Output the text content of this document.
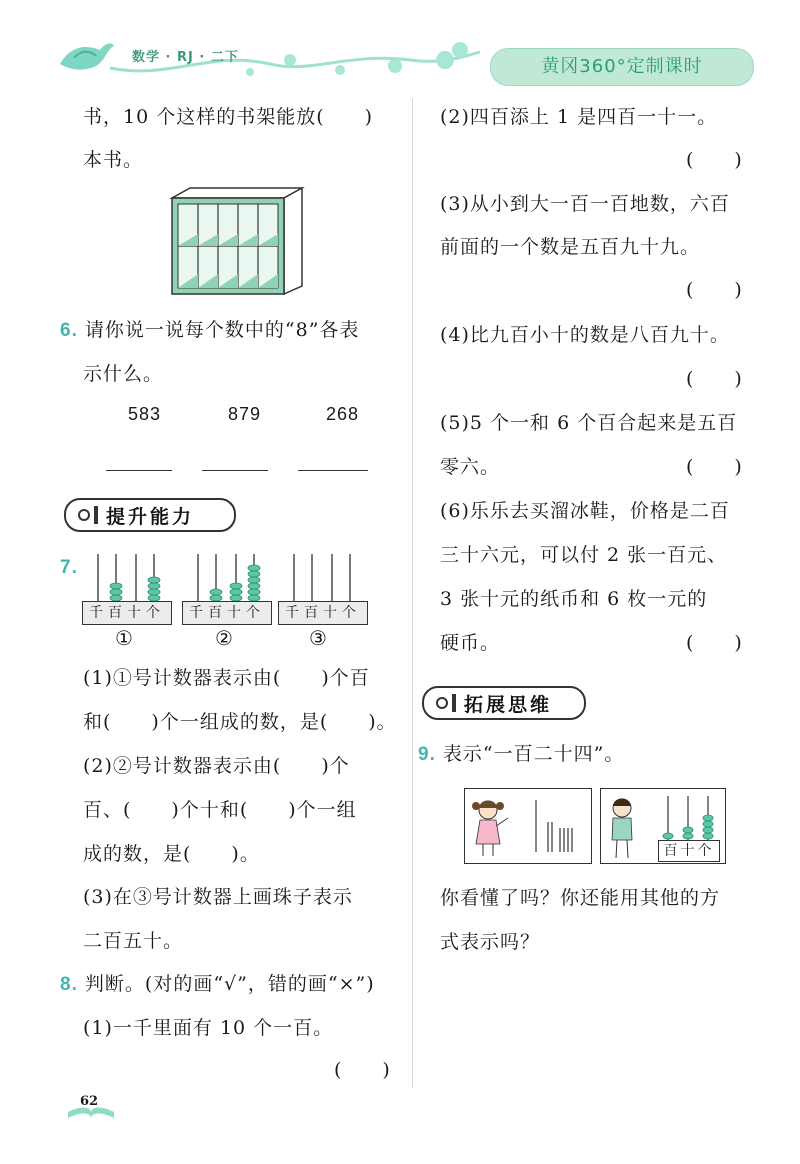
数学 · RJ · 二下	黄冈360°定制课时
书，10 个这样的书架能放(　　)
本书。
6. 请你说一说每个数中的“8”各表
示什么。
583	879	268
提升能力
7.
千百十个
①
千百十个
②
千百十个
③
(1)①号计数器表示由(　　)个百
和(　　)个一组成的数，是(　　)。
(2)②号计数器表示由(　　)个
百、(　　)个十和(　　)个一组
成的数，是(　　)。
(3)在③号计数器上画珠子表示
二百五十。
8. 判断。(对的画“√”，错的画“×”)
(1)一千里面有 10 个一百。
(　　)
62
(2)四百添上 1 是四百一十一。
(　　)
(3)从小到大一百一百地数，六百
前面的一个数是五百九十九。
(　　)
(4)比九百小十的数是八百九十。
(　　)
(5)5 个一和 6 个百合起来是五百
零六。	(　　)
(6)乐乐去买溜冰鞋，价格是二百
三十六元，可以付 2 张一百元、
3 张十元的纸币和 6 枚一元的
硬币。	(　　)
拓展思维
9. 表示“一百二十四”。
百十个
你看懂了吗？你还能用其他的方
式表示吗？
